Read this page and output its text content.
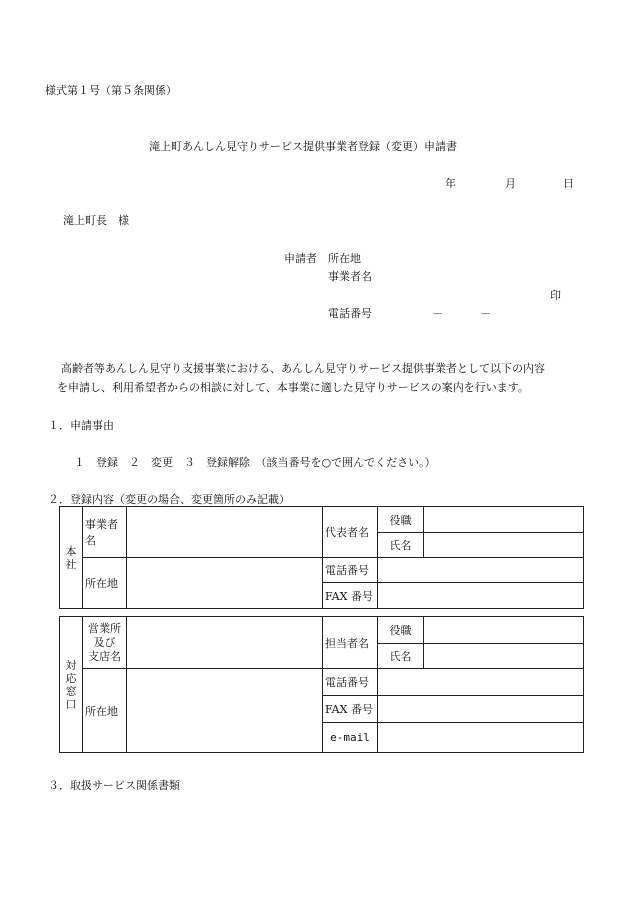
様式第１号（第５条関係）
滝上町あんしん見守りサービス提供事業者登録（変更）申請書
年	月	日
滝上町長　様
申請者 所在地
事業者名
印
電話番号	－	－
高齢者等あんしん見守り支援事業における、あんしん見守りサービス提供事業者として以下の内容
を申請し、利用希望者からの相談に対して、本事業に適した見守りサービスの案内を行います。
１．申請事由
１　登録　２　変更　３　登録解除　（該当番号を○で囲んでください。）
２．登録内容（変更の場合、変更箇所のみ記載）
本
社	事業者名		代表者名	役職	
				氏名	
	所在地		電話番号		
			FAX 番号		
対
応
窓
口	営業所
及び
支店名		担当者名	役職	
				氏名	
	所在地		電話番号		
			FAX 番号		
			e-mail		
３．取扱サービス関係書類
